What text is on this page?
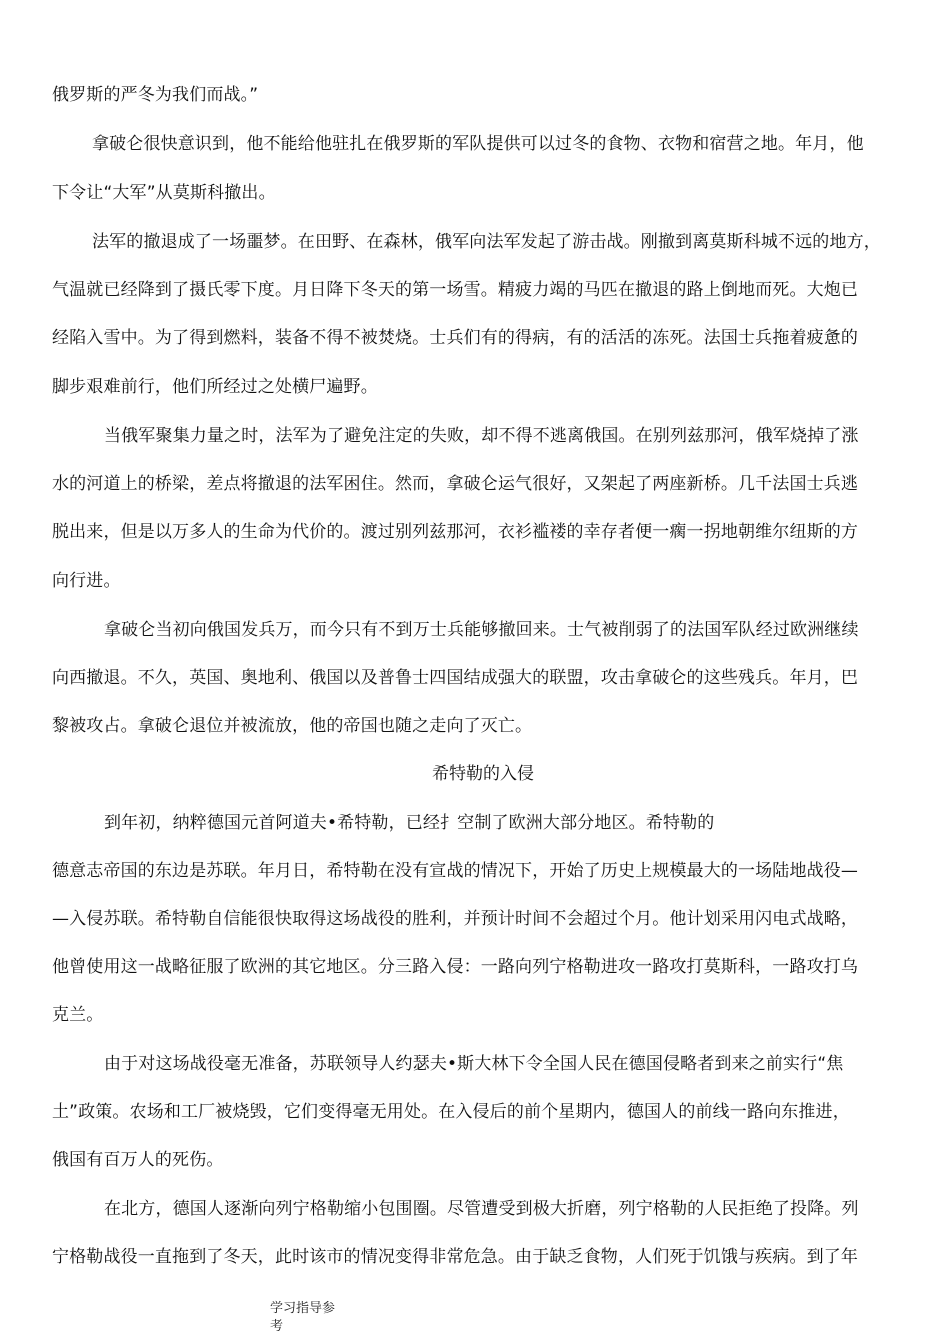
俄罗斯的严冬为我们而战。”
拿破仑很快意识到，他不能给他驻扎在俄罗斯的军队提供可以过冬的食物、衣物和宿营之地。年月，他
下令让“大军”从莫斯科撤出。
法军的撤退成了一场噩梦。在田野、在森林，俄军向法军发起了游击战。刚撤到离莫斯科城不远的地方，
气温就已经降到了摄氏零下度。月日降下冬天的第一场雪。精疲力竭的马匹在撤退的路上倒地而死。大炮已
经陷入雪中。为了得到燃料，装备不得不被焚烧。士兵们有的得病，有的活活的冻死。法国士兵拖着疲惫的
脚步艰难前行，他们所经过之处横尸遍野。
当俄军聚集力量之时，法军为了避免注定的失败，却不得不逃离俄国。在别列兹那河，俄军烧掉了涨
水的河道上的桥梁，差点将撤退的法军困住。然而，拿破仑运气很好，又架起了两座新桥。几千法国士兵逃
脱出来，但是以万多人的生命为代价的。渡过别列兹那河，衣衫褴褛的幸存者便一瘸一拐地朝维尔纽斯的方
向行进。
拿破仑当初向俄国发兵万，而今只有不到万士兵能够撤回来。士气被削弱了的法国军队经过欧洲继续
向西撤退。不久，英国、奥地利、俄国以及普鲁士四国结成强大的联盟，攻击拿破仑的这些残兵。年月，巴
黎被攻占。拿破仑退位并被流放，他的帝国也随之走向了灭亡。
希特勒的入侵
到年初，纳粹德国元首阿道夫•希特勒，已经扌空制了欧洲大部分地区。希特勒的
德意志帝国的东边是苏联。年月日，希特勒在没有宣战的情况下，开始了历史上规模最大的一场陆地战役—
—入侵苏联。希特勒自信能很快取得这场战役的胜利，并预计时间不会超过个月。他计划采用闪电式战略，
他曾使用这一战略征服了欧洲的其它地区。分三路入侵：一路向列宁格勒进攻一路攻打莫斯科，一路攻打乌
克兰。
由于对这场战役毫无准备，苏联领导人约瑟夫•斯大林下令全国人民在德国侵略者到来之前实行“焦
土”政策。农场和工厂被烧毁，它们变得毫无用处。在入侵后的前个星期内，德国人的前线一路向东推进，
俄国有百万人的死伤。
在北方，德国人逐渐向列宁格勒缩小包围圈。尽管遭受到极大折磨，列宁格勒的人民拒绝了投降。列
宁格勒战役一直拖到了冬天，此时该市的情况变得非常危急。由于缺乏食物，人们死于饥饿与疾病。到了年
学习指导参
考
